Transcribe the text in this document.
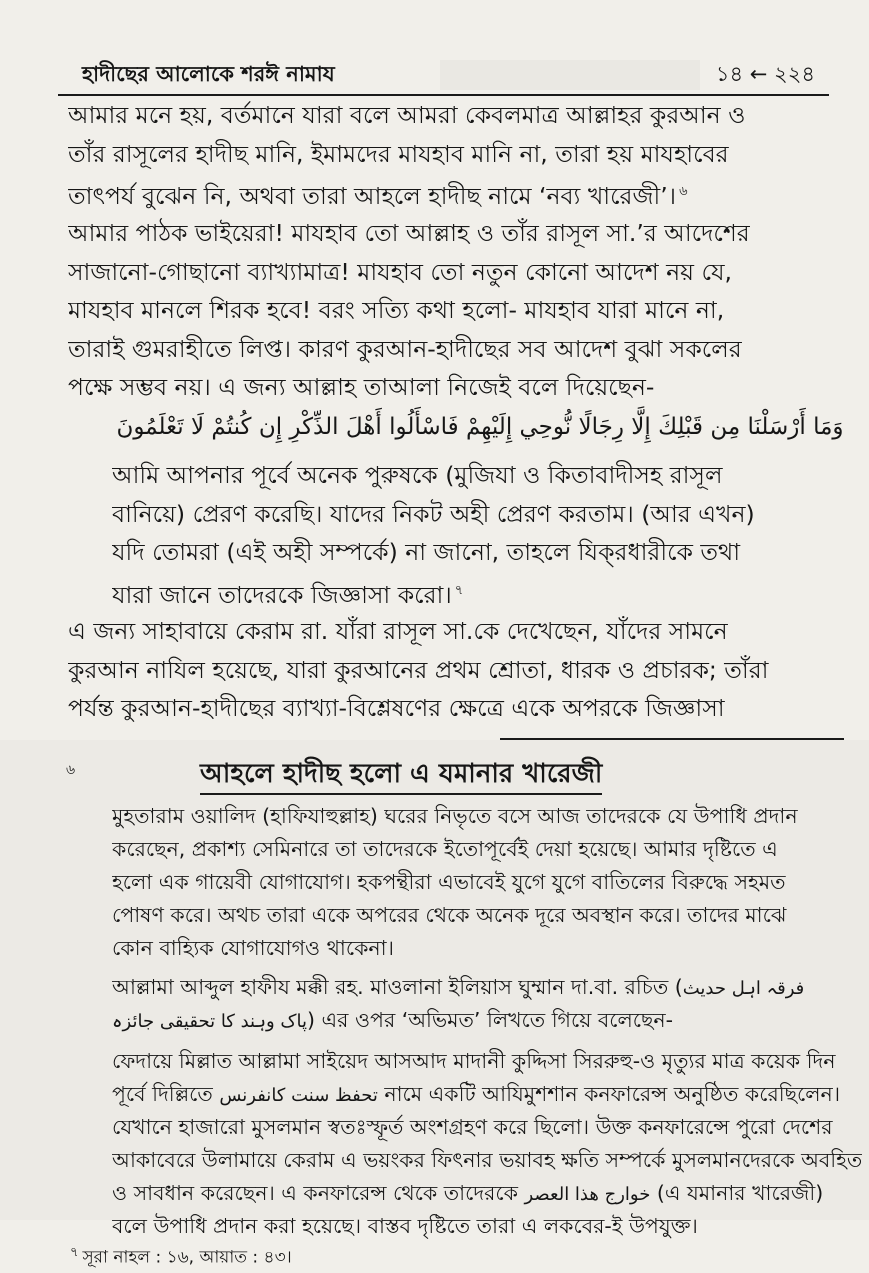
হাদীছের আলোকে শরঈ নামায	১৪ ← ২২৪
আমার মনে হয়, বর্তমানে যারা বলে আমরা কেবলমাত্র আল্লাহর কুরআন ও
তাঁর রাসূলের হাদীছ মানি, ইমামদের মাযহাব মানি না, তারা হয় মাযহাবের
তাৎপর্য বুঝেন নি, অথবা তারা আহলে হাদীছ নামে ‘নব্য খারেজী’। $^৬$
আমার পাঠক ভাইয়েরা! মাযহাব তো আল্লাহ ও তাঁর রাসূল সা.’র আদেশের
সাজানো-গোছানো ব্যাখ্যামাত্র! মাযহাব তো নতুন কোনো আদেশ নয় যে,
মাযহাব মানলে শিরক হবে! বরং সত্যি কথা হলো- মাযহাব যারা মানে না,
তারাই গুমরাহীতে লিপ্ত। কারণ কুরআন-হাদীছের সব আদেশ বুঝা সকলের
পক্ষে সম্ভব নয়। এ জন্য আল্লাহ তাআলা নিজেই বলে দিয়েছেন-
وَمَا أَرْسَلْنَا مِن قَبْلِكَ إِلَّا رِجَالًا نُّوحِي إِلَيْهِمْ فَاسْأَلُوا أَهْلَ الذِّكْرِ إِن كُنتُمْ لَا تَعْلَمُونَ
আমি আপনার পূর্বে অনেক পুরুষকে (মুজিযা ও কিতাবাদীসহ রাসূল
বানিয়ে) প্রেরণ করেছি। যাদের নিকট অহী প্রেরণ করতাম। (আর এখন)
যদি তোমরা (এই অহী সম্পর্কে) না জানো, তাহলে যিক্‌রধারীকে তথা
যারা জানে তাদেরকে জিজ্ঞাসা করো। $^৭$
এ জন্য সাহাবায়ে কেরাম রা. যাঁরা রাসূল সা.কে দেখেছেন, যাঁদের সামনে
কুরআন নাযিল হয়েছে, যারা কুরআনের প্রথম শ্রোতা, ধারক ও প্রচারক; তাঁরা
পর্যন্ত কুরআন-হাদীছের ব্যাখ্যা-বিশ্লেষণের ক্ষেত্রে একে অপরকে জিজ্ঞাসা
৬	আহলে হাদীছ হলো এ যমানার খারেজী
মুহতারাম ওয়ালিদ (হাফিযাহুল্লাহ) ঘরের নিভৃতে বসে আজ তাদেরকে যে উপাধি প্রদান
করেছেন, প্রকাশ্য সেমিনারে তা তাদেরকে ইতোপূর্বেই দেয়া হয়েছে। আমার দৃষ্টিতে এ
হলো এক গায়েবী যোগাযোগ। হকপন্থীরা এভাবেই যুগে যুগে বাতিলের বিরুদ্ধে সহমত
পোষণ করে। অথচ তারা একে অপরের থেকে অনেক দূরে অবস্থান করে। তাদের মাঝে
কোন বাহ্যিক যোগাযোগও থাকেনা।
আল্লামা আব্দুল হাফীয মক্কী রহ. মাওলানা ইলিয়াস ঘুম্মান দা.বা. রচিত (فرقہ اہل حدیث
پاک وہند کا تحقیقی جائزہ) এর ওপর ‘অভিমত’ লিখতে গিয়ে বলেছেন-
ফেদায়ে মিল্লাত আল্লামা সাইয়েদ আসআদ মাদানী কুদ্দিসা সিররুহু-ও মৃত্যুর মাত্র কয়েক দিন
পূর্বে দিল্লিতে تحفظ سنت کانفرنس নামে একটি আযিমুশশান কনফারেন্স অনুষ্ঠিত করেছিলেন।
যেখানে হাজারো মুসলমান স্বতঃস্ফূর্ত অংশগ্রহণ করে ছিলো। উক্ত কনফারেন্সে পুরো দেশের
আকাবেরে উলামায়ে কেরাম এ ভয়ংকর ফিৎনার ভয়াবহ ক্ষতি সম্পর্কে মুসলমানদেরকে অবহিত
ও সাবধান করেছেন। এ কনফারেন্স থেকে তাদেরকে خوارج هذا العصر (এ যমানার খারেজী)
বলে উপাধি প্রদান করা হয়েছে। বাস্তব দৃষ্টিতে তারা এ লকবের-ই উপযুক্ত।
$^৭$ সূরা নাহল : ১৬, আয়াত : ৪৩।
